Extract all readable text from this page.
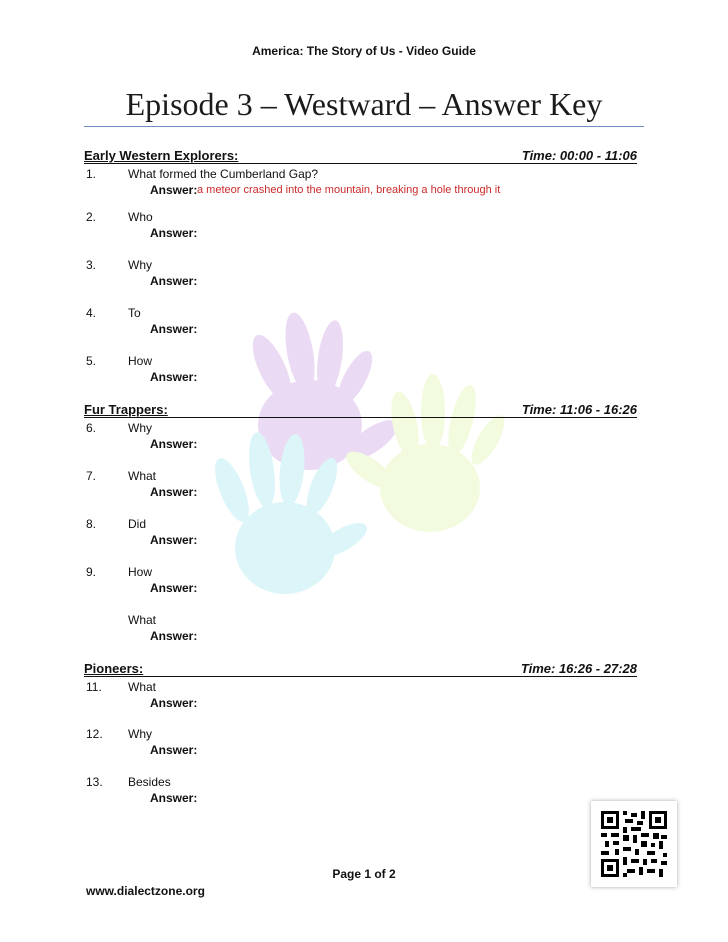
America: The Story of Us - Video Guide
Episode 3 – Westward – Answer Key
Early Western Explorers:	Time: 00:00 - 11:06
1.	What formed the Cumberland Gap?
Answer: a meteor crashed into the mountain, breaking a hole through it
2.	Who
Answer:
3.	Why
Answer:
4.	To
Answer:
5.	How
Answer:
Fur Trappers:	Time: 11:06 - 16:26
6.	Why
Answer:
7.	What
Answer:
8.	Did
Answer:
9.	How
Answer:
What
Answer:
Pioneers:	Time: 16:26 - 27:28
11. What
Answer:
12. Why
Answer:
13. Besides
Answer:
Page 1 of 2
www.dialectzone.org
